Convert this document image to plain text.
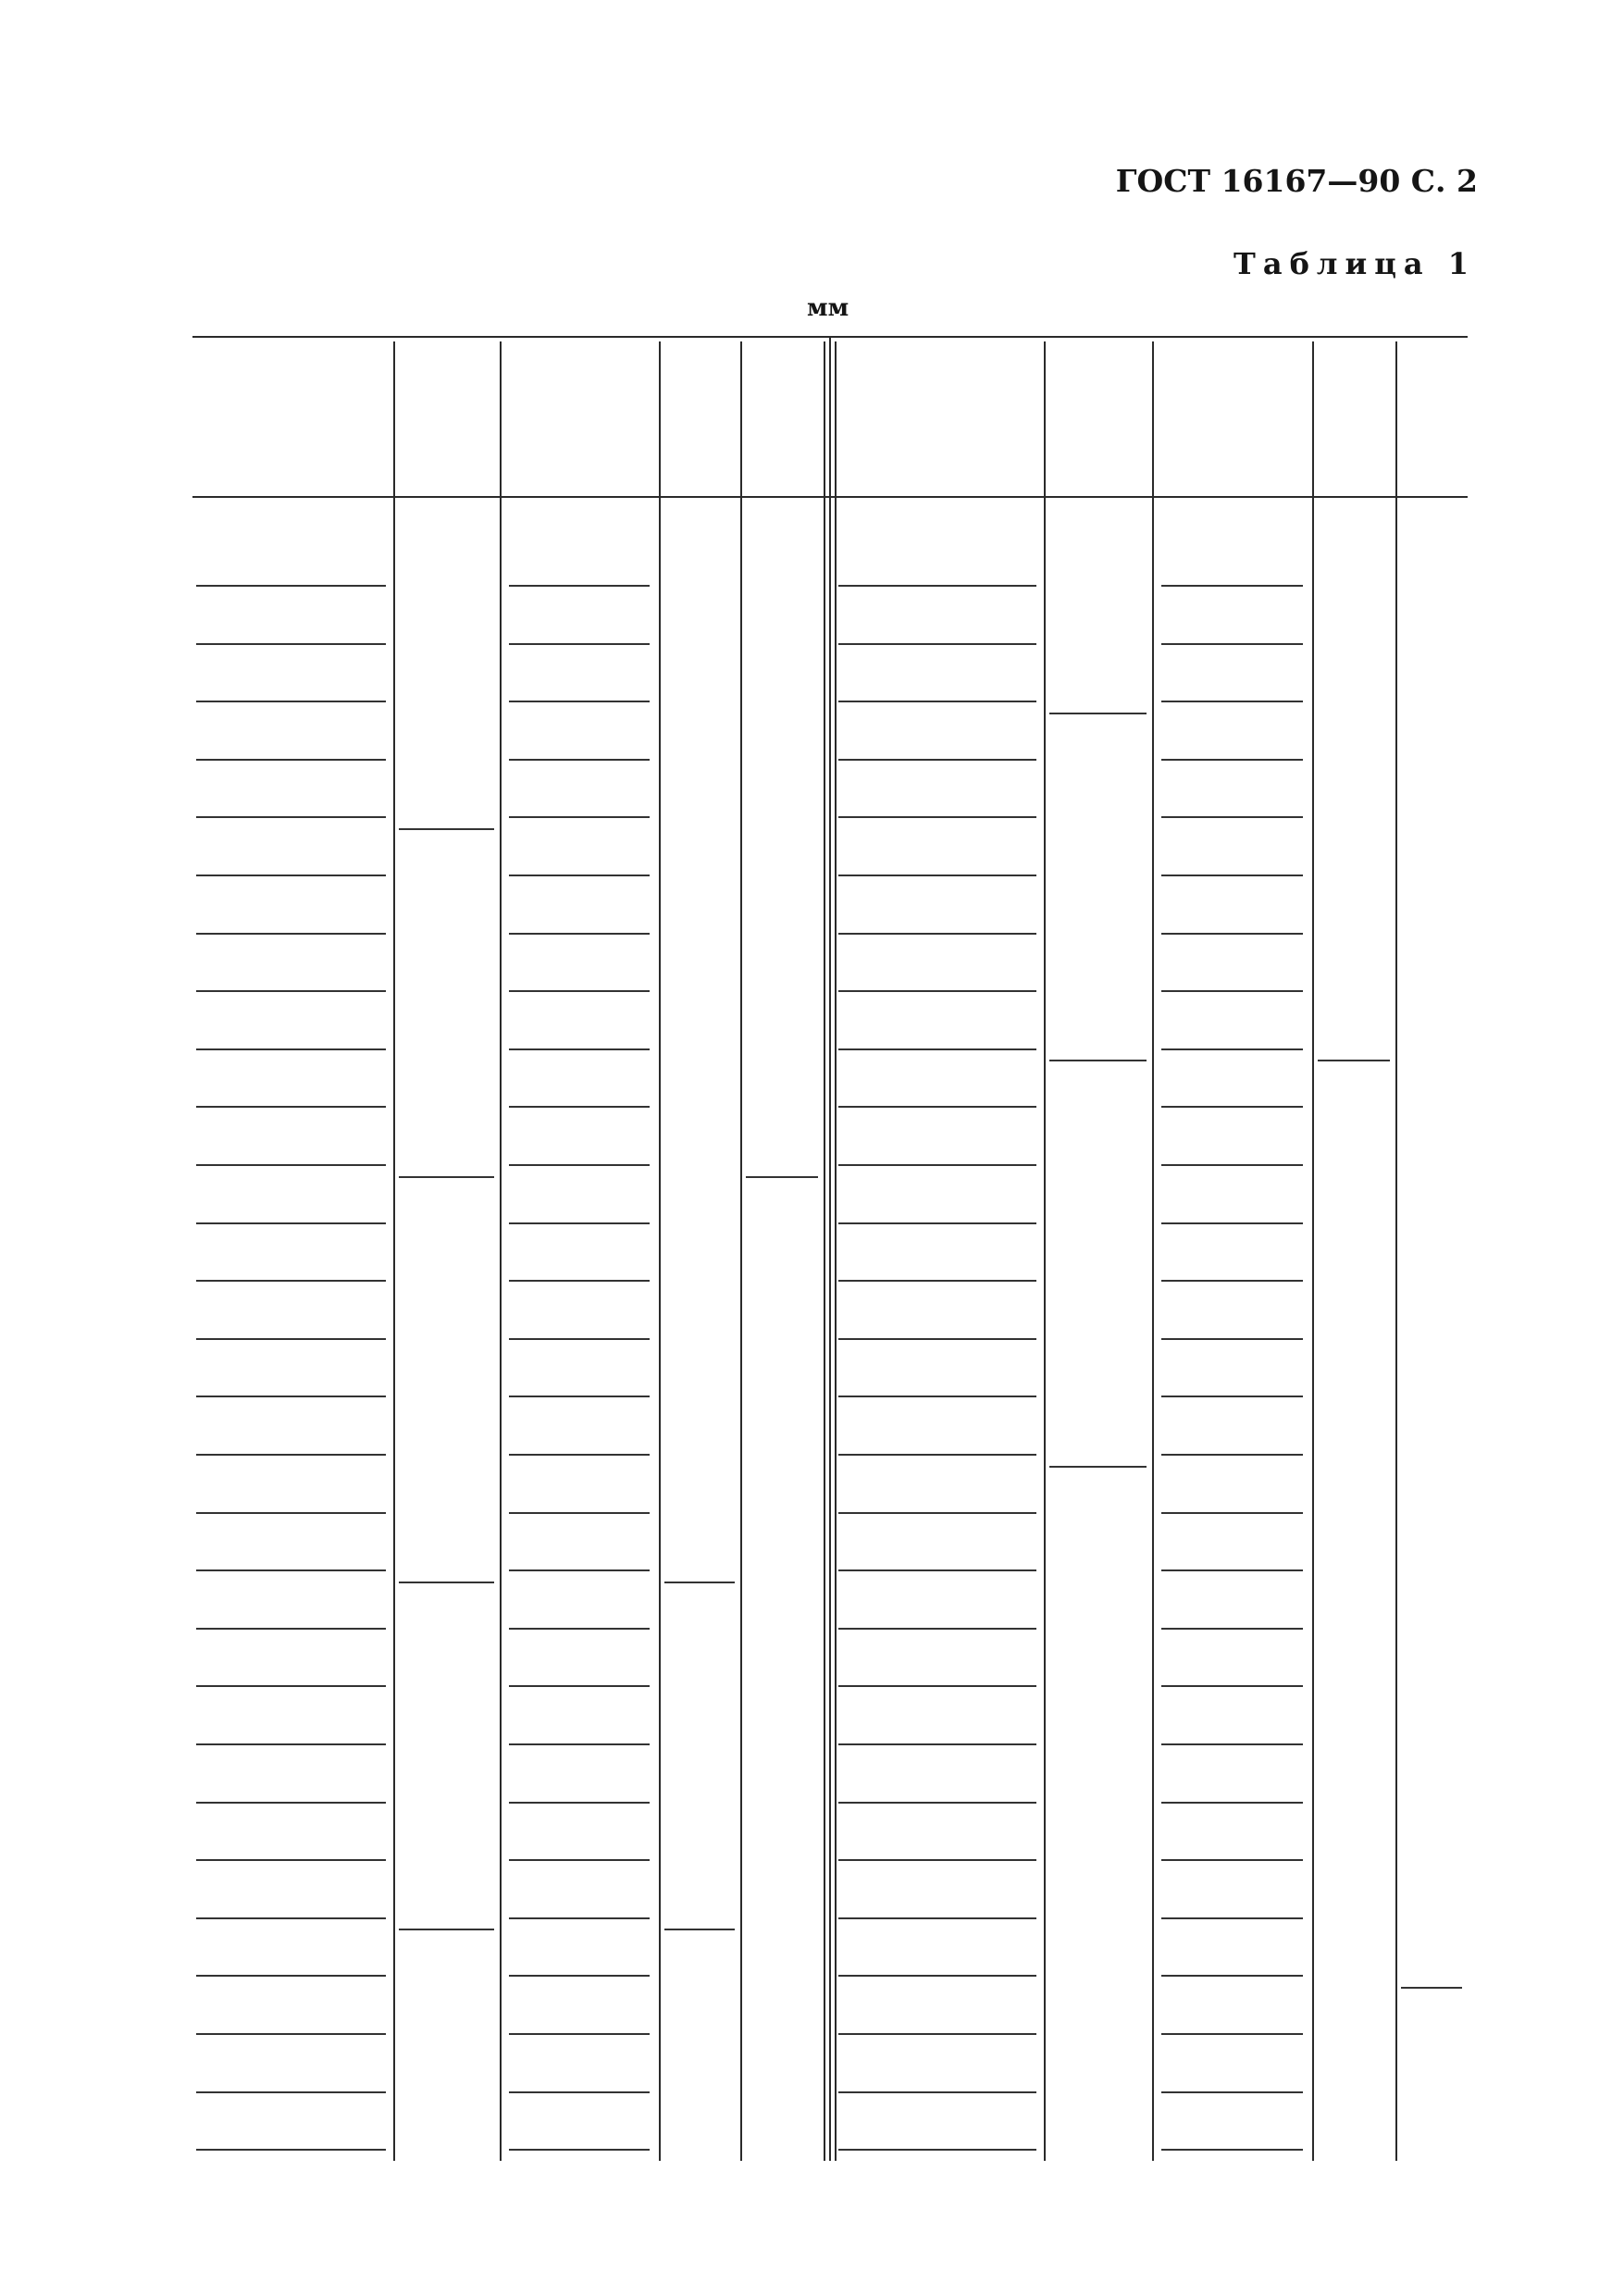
ГОСТ 16167—90 С. 2
Таблица 1
мм
